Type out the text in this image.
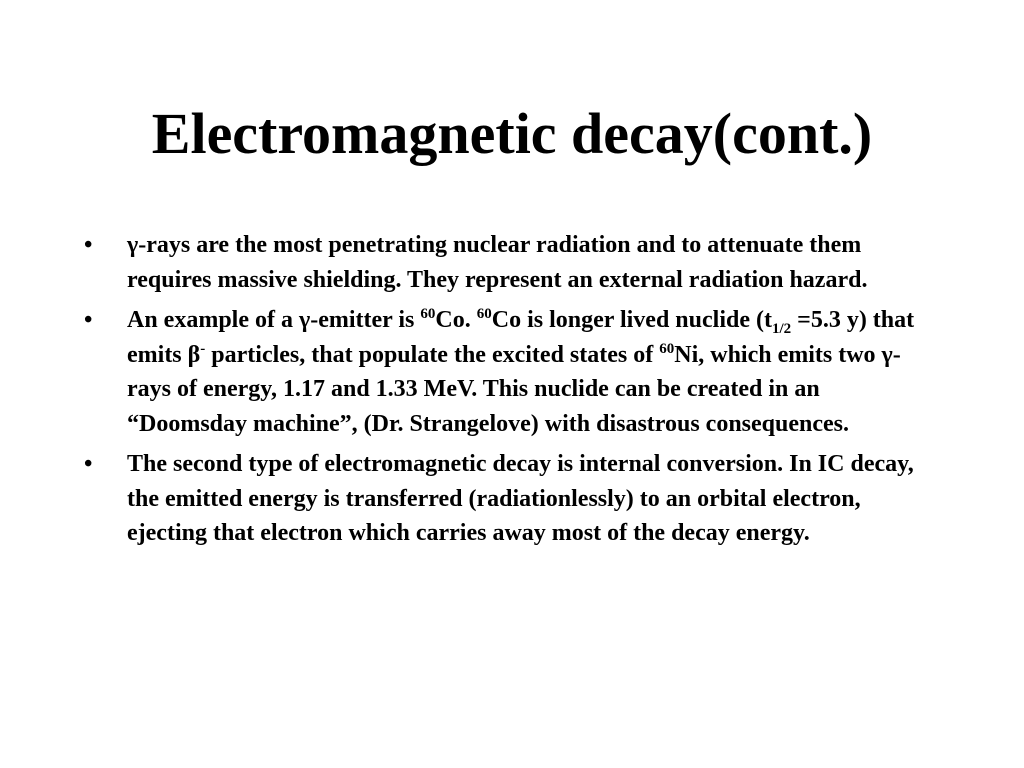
Electromagnetic decay(cont.)
•	γ-rays are the most penetrating nuclear radiation and to attenuate them requires massive shielding. They represent an external radiation hazard.
•	An example of a γ-emitter is $^{60}$Co. $^{60}$Co is longer lived nuclide ($t_{1/2} =5.3$ y) that emits β- particles, that populate the excited states of $^{60}$Ni, which emits two γ-rays of energy, 1.17 and 1.33 MeV. This nuclide can be created in an “Doomsday machine”, (Dr. Strangelove) with disastrous consequences.
•	The second type of electromagnetic decay is internal conversion. In IC decay, the emitted energy is transferred (radiationlessly) to an orbital electron, ejecting that electron which carries away most of the decay energy.
